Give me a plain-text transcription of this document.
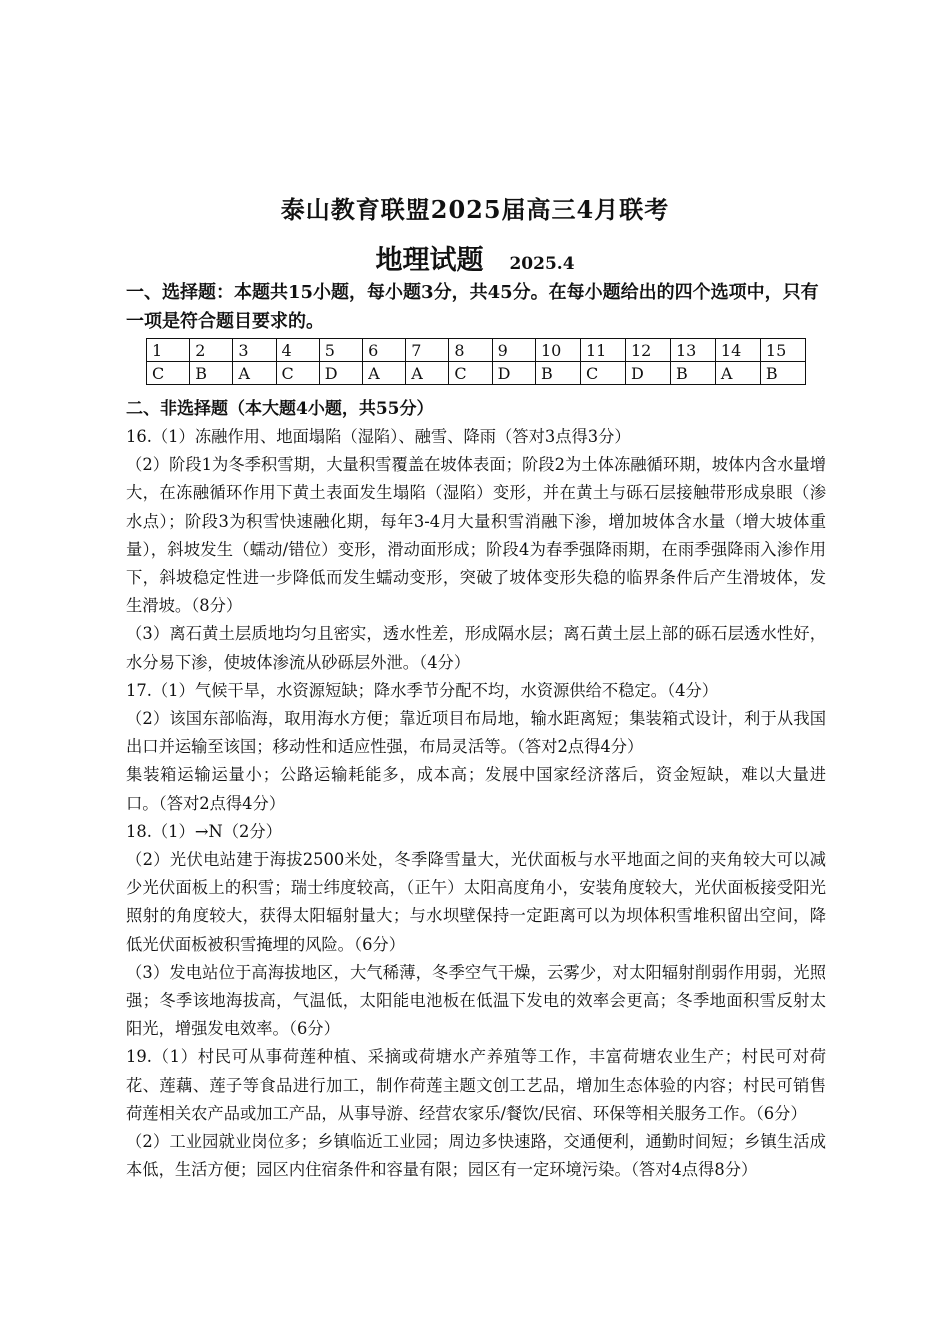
泰山教育联盟2025届高三4月联考
地理试题 2025.4
一、选择题：本题共15小题，每小题3分，共45分。在每小题给出的四个选项中，只有一项是符合题目要求的。
1	2	3	4	5	6	7	8	9	10	11	12	13	14	15
C	B	A	C	D	A	A	C	D	B	C	D	B	A	B
二、非选择题（本大题4小题，共55分）

16.（1）冻融作用、地面塌陷（湿陷）、融雪、降雨（答对3点得3分）

（2）阶段1为冬季积雪期，大量积雪覆盖在坡体表面；阶段2为土体冻融循环期，坡体内含水量增大，在冻融循环作用下黄土表面发生塌陷（湿陷）变形，并在黄土与砾石层接触带形成泉眼（渗水点）；阶段3为积雪快速融化期，每年3-4月大量积雪消融下渗，增加坡体含水量（增大坡体重量），斜坡发生（蠕动/错位）变形，滑动面形成；阶段4为春季强降雨期，在雨季强降雨入渗作用下，斜坡稳定性进一步降低而发生蠕动变形，突破了坡体变形失稳的临界条件后产生滑坡体，发生滑坡。（8分）

（3）离石黄土层质地均匀且密实，透水性差，形成隔水层；离石黄土层上部的砾石层透水性好，水分易下渗，使坡体渗流从砂砾层外泄。（4分）

17.（1）气候干旱，水资源短缺；降水季节分配不均，水资源供给不稳定。（4分）

（2）该国东部临海，取用海水方便；靠近项目布局地，输水距离短；集装箱式设计，利于从我国出口并运输至该国；移动性和适应性强，布局灵活等。（答对2点得4分）

集装箱运输运量小；公路运输耗能多，成本高；发展中国家经济落后，资金短缺，难以大量进口。（答对2点得4分）

18.（1）→N（2分）

（2）光伏电站建于海拔2500米处，冬季降雪量大，光伏面板与水平地面之间的夹角较大可以减少光伏面板上的积雪；瑞士纬度较高，（正午）太阳高度角小，安装角度较大，光伏面板接受阳光照射的角度较大，获得太阳辐射量大；与水坝壁保持一定距离可以为坝体积雪堆积留出空间，降低光伏面板被积雪掩埋的风险。（6分）

（3）发电站位于高海拔地区，大气稀薄，冬季空气干燥，云雾少，对太阳辐射削弱作用弱，光照强；冬季该地海拔高，气温低，太阳能电池板在低温下发电的效率会更高；冬季地面积雪反射太阳光，增强发电效率。（6分）

19.（1）村民可从事荷莲种植、采摘或荷塘水产养殖等工作，丰富荷塘农业生产；村民可对荷花、莲藕、莲子等食品进行加工，制作荷莲主题文创工艺品，增加生态体验的内容；村民可销售荷莲相关农产品或加工产品，从事导游、经营农家乐/餐饮/民宿、环保等相关服务工作。（6分）

（2）工业园就业岗位多；乡镇临近工业园；周边多快速路，交通便利，通勤时间短；乡镇生活成本低，生活方便；园区内住宿条件和容量有限；园区有一定环境污染。（答对4点得8分）
